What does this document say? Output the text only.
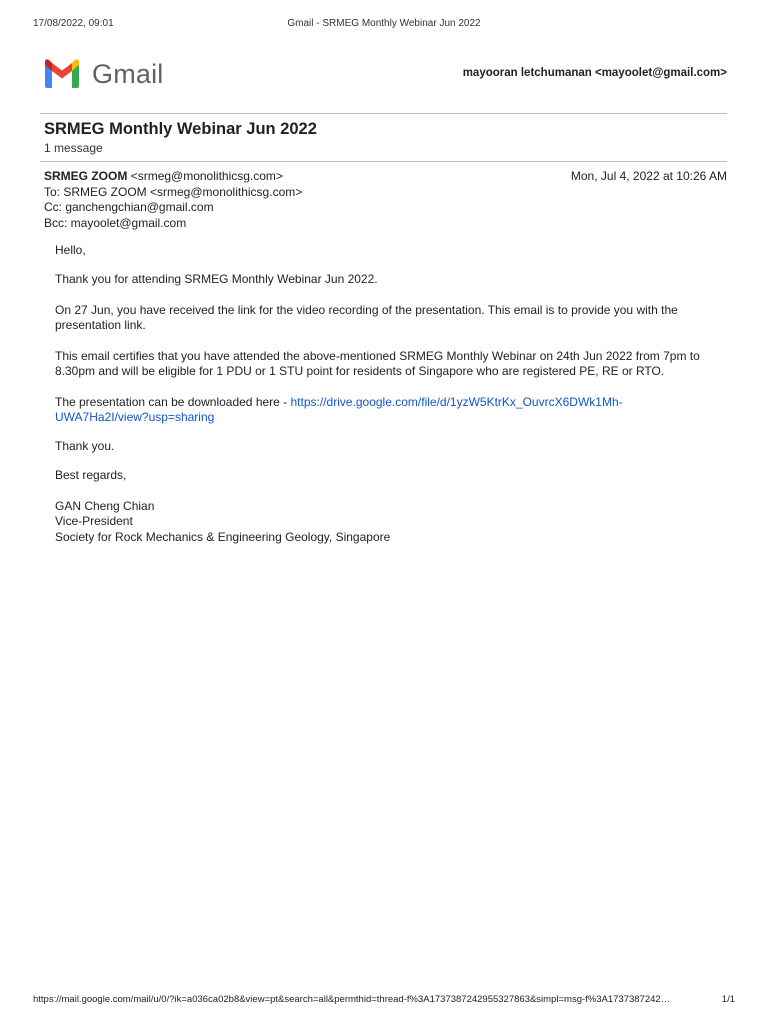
17/08/2022, 09:01	Gmail - SRMEG Monthly Webinar Jun 2022
Gmail	mayooran letchumanan <mayoolet@gmail.com>
SRMEG Monthly Webinar Jun 2022
1 message
SRMEG ZOOM <srmeg@monolithicsg.com>
To: SRMEG ZOOM <srmeg@monolithicsg.com>
Cc: ganchengchian@gmail.com
Bcc: mayoolet@gmail.com
Mon, Jul 4, 2022 at 10:26 AM

Hello,

Thank you for attending SRMEG Monthly Webinar Jun 2022.

On 27 Jun, you have received the link for the video recording of the presentation. This email is to provide you with the presentation link.

This email certifies that you have attended the above-mentioned SRMEG Monthly Webinar on 24th Jun 2022 from 7pm to 8.30pm and will be eligible for 1 PDU or 1 STU point for residents of Singapore who are registered PE, RE or RTO.

The presentation can be downloaded here - https://drive.google.com/file/d/1yzW5KtrKx_OuvrcX6DWk1Mh-UWA7Ha2I/view?usp=sharing

Thank you.

Best regards,

GAN Cheng Chian

Vice-President

Society for Rock Mechanics & Engineering Geology, Singapore

https://mail.google.com/mail/u/0/?ik=a036ca02b8&view=pt&search=all&permthid=thread-f%3A1737387242955327863&simpl=msg-f%3A1737387242…	1/1
